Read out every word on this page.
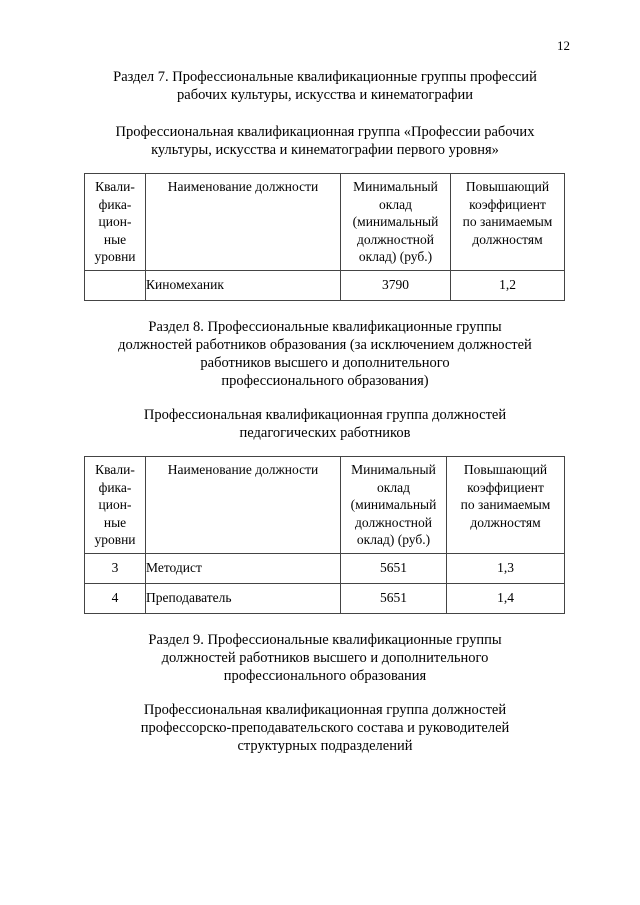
12
Раздел 7. Профессиональные квалификационные группы профессий
рабочих культуры, искусства и кинематографии
Профессиональная квалификационная группа «Профессии рабочих
культуры, искусства и кинематографии первого уровня»
Квали-
фика-
цион-
ные
уровни	Наименование должности	Минимальный
оклад
(минимальный
должностной
оклад) (руб.)	Повышающий
коэффициент
по занимаемым
должностям

	Киномеханик	3790	1,2
Раздел 8. Профессиональные квалификационные группы
должностей работников образования (за исключением должностей
работников высшего и дополнительного
профессионального образования)
Профессиональная квалификационная группа должностей
педагогических работников
Квали-
фика-
цион-
ные
уровни	Наименование должности	Минимальный
оклад
(минимальный
должностной
оклад) (руб.)	Повышающий
коэффициент
по занимаемым
должностям

3	Методист	5651	1,3
4	Преподаватель	5651	1,4
Раздел 9. Профессиональные квалификационные группы
должностей работников высшего и дополнительного
профессионального образования
Профессиональная квалификационная группа должностей
профессорско-преподавательского состава и руководителей
структурных подразделений
